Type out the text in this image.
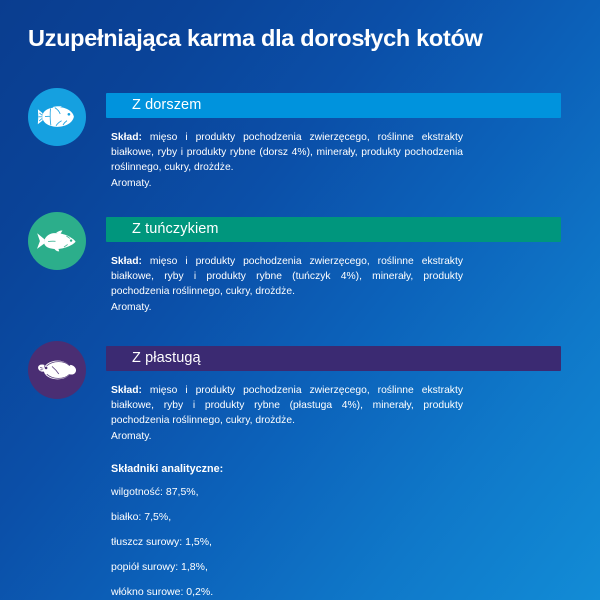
Uzupełniająca karma dla dorosłych kotów
Z dorszem
Skład: mięso i produkty pochodzenia zwierzęcego, roślinne ekstrakty białkowe, ryby i produkty rybne (dorsz 4%), minerały, produkty pochodzenia roślinnego, cukry, drożdże.
Aromaty.
Z tuńczykiem
Skład: mięso i produkty pochodzenia zwierzęcego, roślinne ekstrakty białkowe, ryby i produkty rybne (tuńczyk 4%), minerały, produkty pochodzenia roślinnego, cukry, drożdże.
Aromaty.
Z płastugą
Skład: mięso i produkty pochodzenia zwierzęcego, roślinne ekstrakty białkowe, ryby i produkty rybne (płastuga 4%), minerały, produkty pochodzenia roślinnego, cukry, drożdże.
Aromaty.
Składniki analityczne:
wilgotność: 87,5%,
białko: 7,5%,
tłuszcz surowy: 1,5%,
popiół surowy: 1,8%,
włókno surowe: 0,2%.
